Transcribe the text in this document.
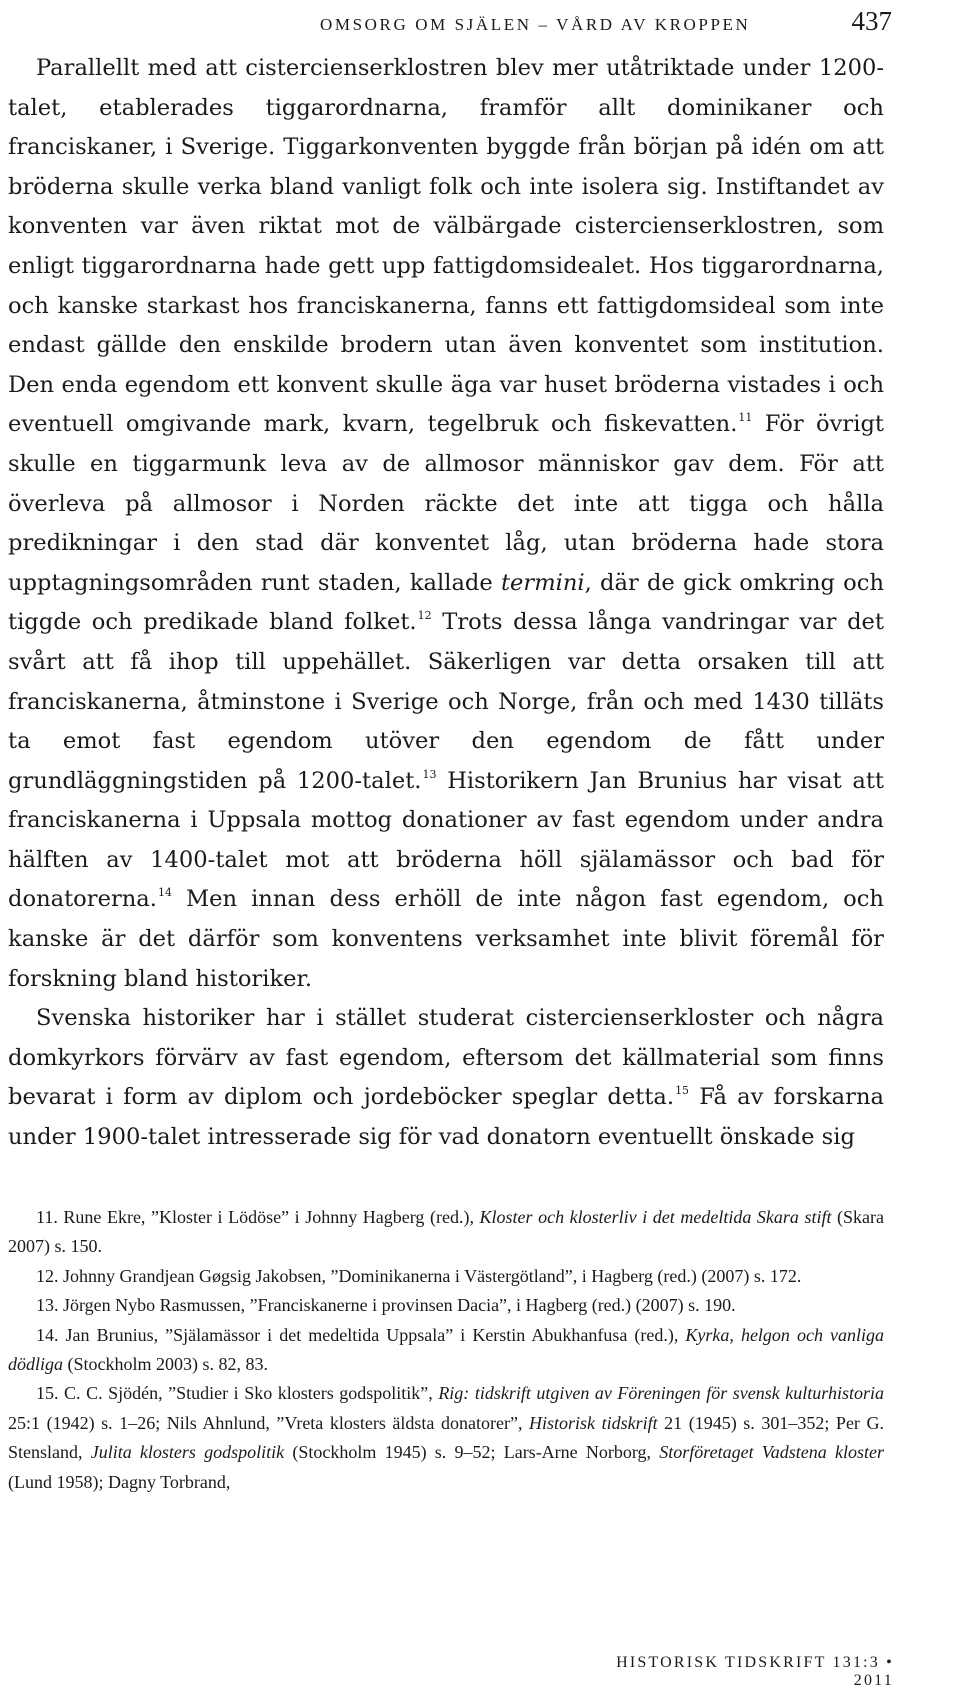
OMSORG OM SJÄLEN – VÅRD AV KROPPEN	437

Parallellt med att cistercienserklostren blev mer utåtriktade under 1200-talet, etablerades tiggarordnarna, framför allt dominikaner och franciskaner, i Sverige. Tiggarkonventen byggde från början på idén om att bröderna skulle verka bland vanligt folk och inte isolera sig. Instiftandet av konventen var även riktat mot de välbärgade cistercienserklostren, som enligt tiggarordnarna hade gett upp fattigdomsidealet. Hos tiggarordnarna, och kanske starkast hos franciskanerna, fanns ett fattigdomsideal som inte endast gällde den enskilde brodern utan även konventet som institution. Den enda egendom ett konvent skulle äga var huset bröderna vistades i och eventuell omgivande mark, kvarn, tegelbruk och fiskevatten.$^{11}$ För övrigt skulle en tiggarmunk leva av de allmosor människor gav dem. För att överleva på allmosor i Norden räckte det inte att tigga och hålla predikningar i den stad där konventet låg, utan bröderna hade stora upptagningsområden runt staden, kallade termini, där de gick omkring och tiggde och predikade bland folket.$^{12}$ Trots dessa långa vandringar var det svårt att få ihop till uppehället. Säkerligen var detta orsaken till att franciskanerna, åtminstone i Sverige och Norge, från och med 1430 tilläts ta emot fast egendom utöver den egendom de fått under grundläggningstiden på 1200-talet.$^{13}$ Historikern Jan Brunius har visat att franciskanerna i Uppsala mottog donationer av fast egendom under andra hälften av 1400-talet mot att bröderna höll själamässor och bad för donatorerna.$^{14}$ Men innan dess erhöll de inte någon fast egendom, och kanske är det därför som konventens verksamhet inte blivit föremål för forskning bland historiker.

Svenska historiker har i stället studerat cistercienserkloster och några domkyrkors förvärv av fast egendom, eftersom det källmaterial som finns bevarat i form av diplom och jordeböcker speglar detta.$^{15}$ Få av forskarna under 1900-talet intresserade sig för vad donatorn eventuellt önskade sig

11. Rune Ekre, ”Kloster i Lödöse” i Johnny Hagberg (red.), Kloster och klosterliv i det medeltida Skara stift (Skara 2007) s. 150.

12. Johnny Grandjean Gøgsig Jakobsen, ”Dominikanerna i Västergötland”, i Hagberg (red.) (2007) s. 172.

13. Jörgen Nybo Rasmussen, ”Franciskanerne i provinsen Dacia”, i Hagberg (red.) (2007) s. 190.

14. Jan Brunius, ”Själamässor i det medeltida Uppsala” i Kerstin Abukhanfusa (red.), Kyrka, helgon och vanliga dödliga (Stockholm 2003) s. 82, 83.

15. C. C. Sjödén, ”Studier i Sko klosters godspolitik”, Rig: tidskrift utgiven av Föreningen för svensk kulturhistoria 25:1 (1942) s. 1–26; Nils Ahnlund, ”Vreta klosters äldsta donatorer”, Historisk tidskrift 21 (1945) s. 301–352; Per G. Stensland, Julita klosters godspolitik (Stockholm 1945) s. 9–52; Lars-Arne Norborg, Storföretaget Vadstena kloster (Lund 1958); Dagny Torbrand,

HISTORISK TIDSKRIFT 131:3 • 2011
